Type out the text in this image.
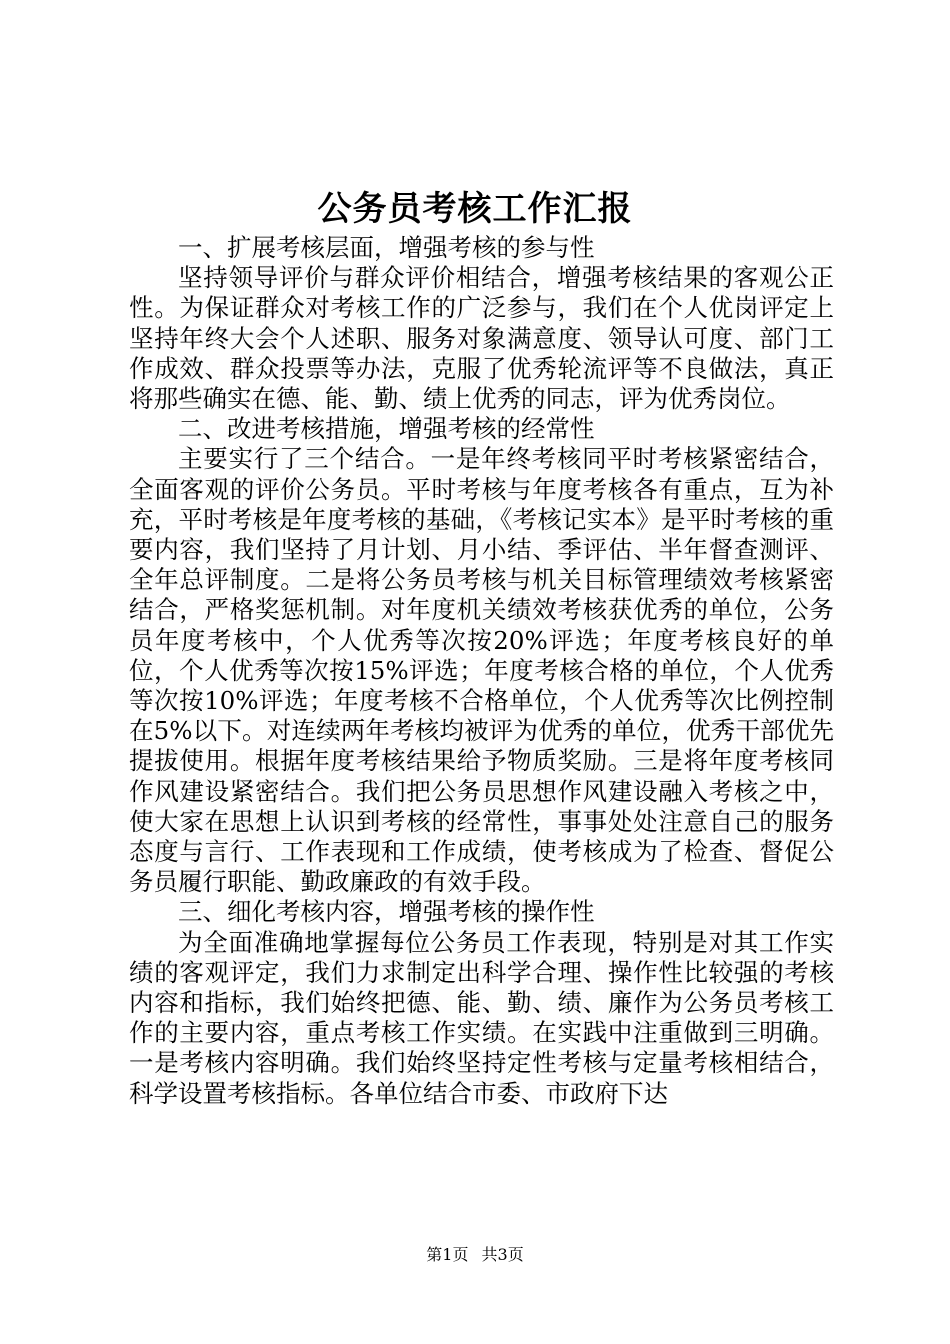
公务员考核工作汇报

一、扩展考核层面，增强考核的参与性

坚持领导评价与群众评价相结合，增强考核结果的客观公正性。为保证群众对考核工作的广泛参与，我们在个人优岗评定上坚持年终大会个人述职、服务对象满意度、领导认可度、部门工作成效、群众投票等办法，克服了优秀轮流评等不良做法，真正将那些确实在德、能、勤、绩上优秀的同志，评为优秀岗位。

二、改进考核措施，增强考核的经常性

主要实行了三个结合。一是年终考核同平时考核紧密结合，全面客观的评价公务员。平时考核与年度考核各有重点，互为补充，平时考核是年度考核的基础，《考核记实本》是平时考核的重要内容，我们坚持了月计划、月小结、季评估、半年督查测评、全年总评制度。二是将公务员考核与机关目标管理绩效考核紧密结合，严格奖惩机制。对年度机关绩效考核获优秀的单位，公务员年度考核中，个人优秀等次按20%评选；年度考核良好的单位，个人优秀等次按15%评选；年度考核合格的单位，个人优秀等次按10%评选；年度考核不合格单位，个人优秀等次比例控制在5%以下。对连续两年考核均被评为优秀的单位，优秀干部优先提拔使用。根据年度考核结果给予物质奖励。三是将年度考核同作风建设紧密结合。我们把公务员思想作风建设融入考核之中，使大家在思想上认识到考核的经常性，事事处处注意自己的服务态度与言行、工作表现和工作成绩，使考核成为了检查、督促公务员履行职能、勤政廉政的有效手段。

三、细化考核内容，增强考核的操作性

为全面准确地掌握每位公务员工作表现，特别是对其工作实绩的客观评定，我们力求制定出科学合理、操作性比较强的考核内容和指标，我们始终把德、能、勤、绩、廉作为公务员考核工作的主要内容，重点考核工作实绩。在实践中注重做到三明确。一是考核内容明确。我们始终坚持定性考核与定量考核相结合，科学设置考核指标。各单位结合市委、市政府下达

第1页 共3页
